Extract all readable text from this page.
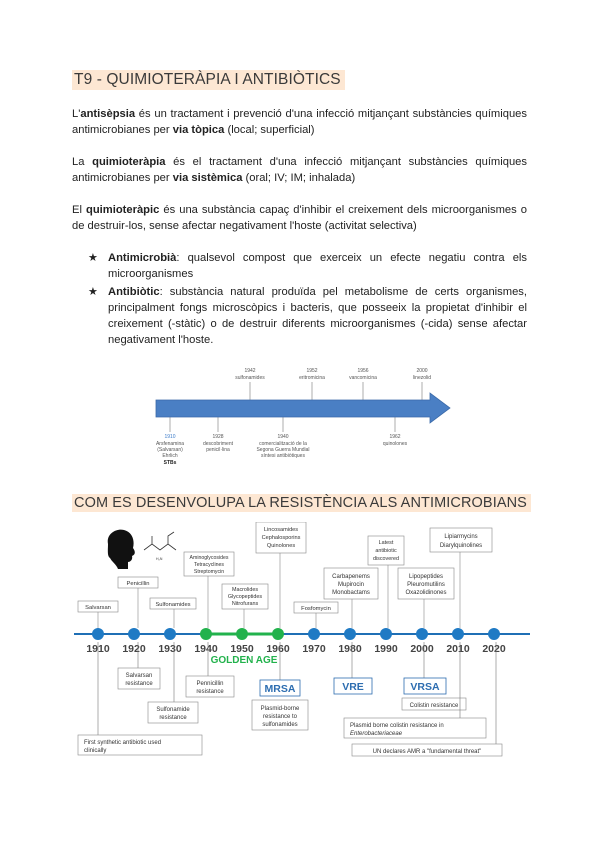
T9 - QUIMIOTERÀPIA I ANTIBIÒTICS
L'antisèpsia és un tractament i prevenció d'una infecció mitjançant substàncies químiques antimicrobianes per via tòpica (local; superficial)
La quimioteràpia és el tractament d'una infecció mitjançant substàncies químiques antimicrobianes per via sistèmica (oral; IV; IM; inhalada)
El quimioteràpic és una substància capaç d'inhibir el creixement dels microorganismes o de destruir-los, sense afectar negativament l'hoste (activitat selectiva)
★ Antimicrobià: qualsevol compost que exerceix un efecte negatiu contra els microorganismes
★ Antibiòtic: substància natural produïda pel metabolisme de certs organismes, principalment fongs microscòpics i bacteris, que posseeix la propietat d'inhibir el creixement (-stàtic) o de destruir diferents microorganismes (-cida) sense afectar negativament l'hoste.
1942
sulfonamides
1952
eritromicina
1956
vancomicina
2000
linezolid
1910
Arsfenamina
(Salvarsan)
Ehrlich
STBs
1928
descobriment
penicil·lina
1940
comercialització de la
Segona Guerra Mundial
síntesi antibiòtiques
1962
quinolones
COM ES DESENVOLUPA LA RESISTÈNCIA ALS ANTIMICROBIANS
H₂N
1910 1920 1930 1940 1950 1960 1970 1980 1990 2000 2010 2020
GOLDEN AGE
Salvarsan
Penicillin
Sulfonamides
Aminoglycosides
Tetracyclines
Streptomycin
Macrolides
Glycopeptides
Nitrofurans
Lincosamides
Cephalosporins
Quinolones
Fosfomycin
Carbapenems
Mupirocin
Monobactams
Latest
antibiotic
discovered
Lipopeptides
Pleuromutilins
Oxazolidinones
Lipiarmycins
Diarylquinolines
First synthetic antibiotic used
clinically
Salvarsan
resistance
Sulfonamide
resistance
Pennicillin
resistance	MRSA
Plasmid-borne
resistance to
sulfonamides
VRE	VRSA
Colistin resistance
Plasmid borne colistin resistance in
Enterobacteriaceae
UN declares AMR a "fundamental threat"
